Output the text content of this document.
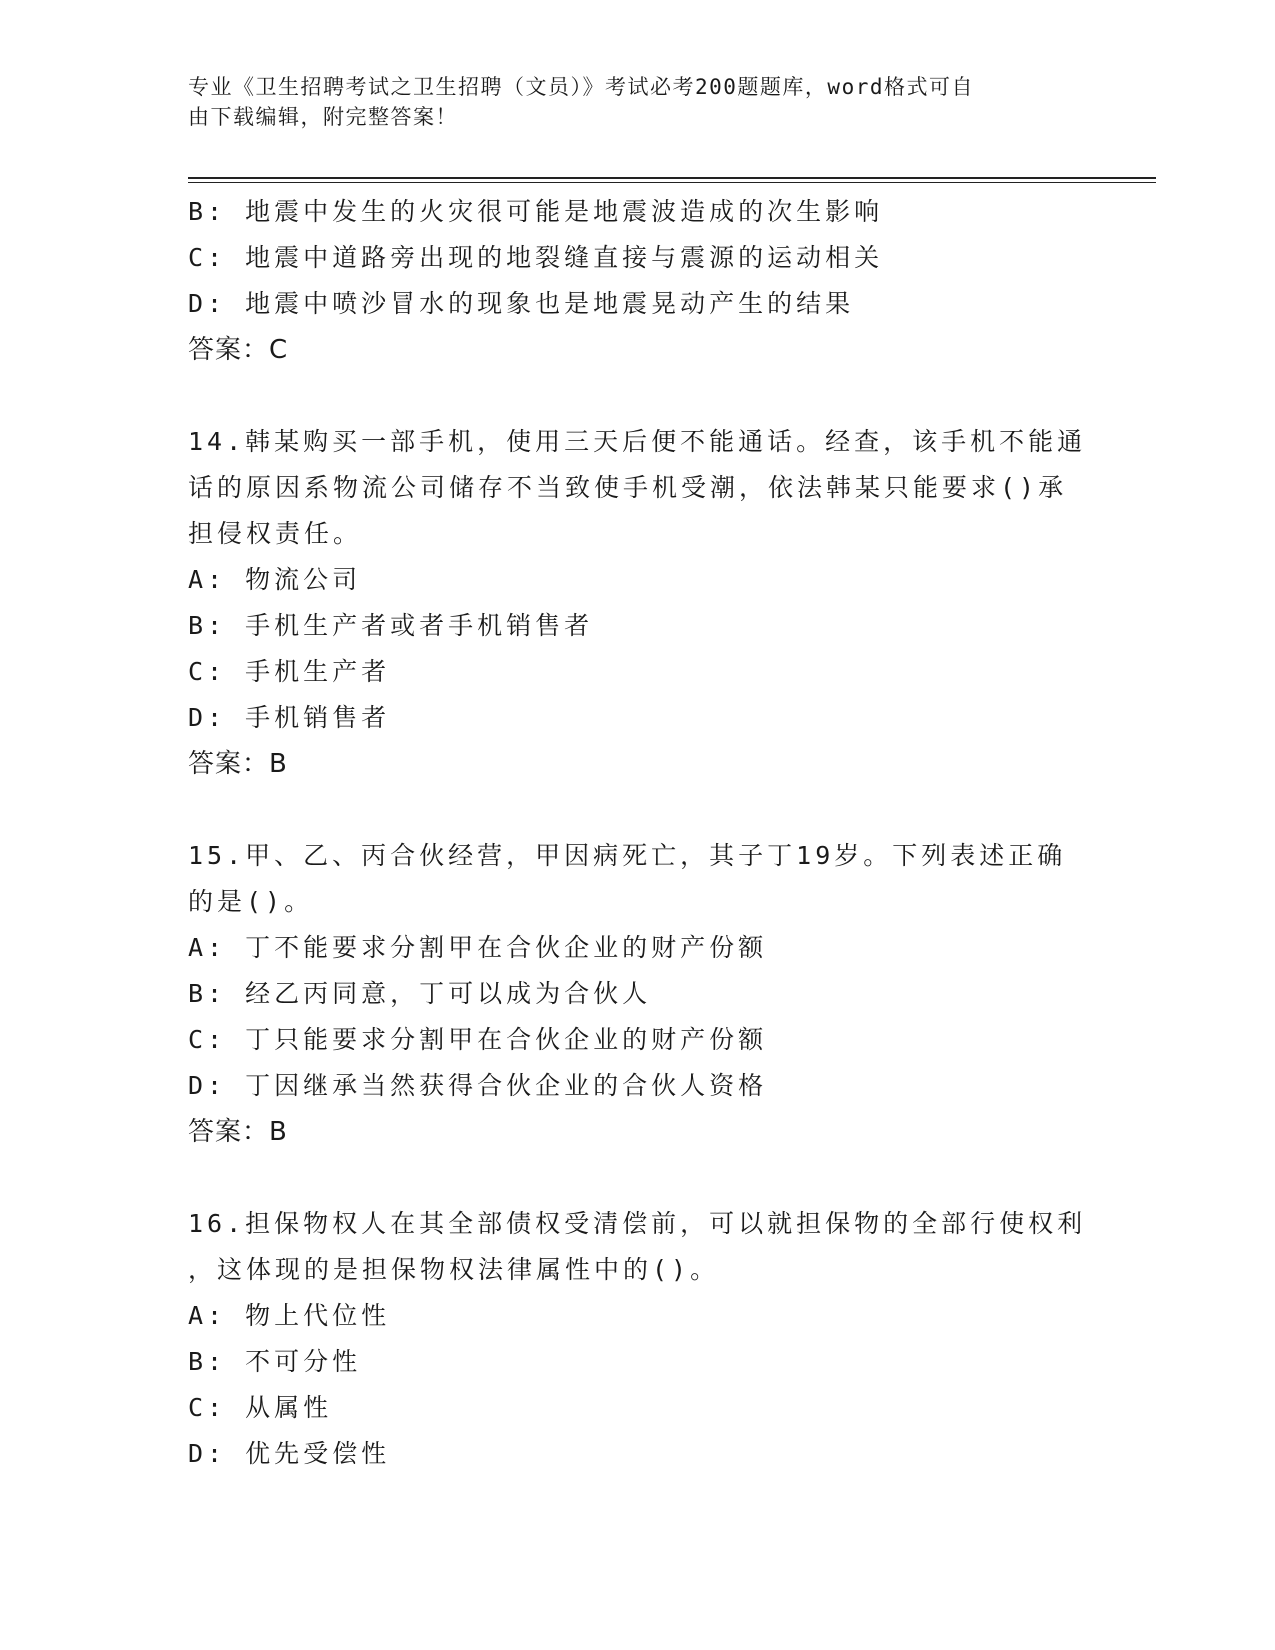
专业《卫生招聘考试之卫生招聘（文员）》考试必考200题题库，word格式可自
由下载编辑，附完整答案！
B: 地震中发生的火灾很可能是地震波造成的次生影响
C: 地震中道路旁出现的地裂缝直接与震源的运动相关
D: 地震中喷沙冒水的现象也是地震晃动产生的结果
答案：C
14.韩某购买一部手机，使用三天后便不能通话。经查，该手机不能通
话的原因系物流公司储存不当致使手机受潮，依法韩某只能要求()承
担侵权责任。
A: 物流公司
B: 手机生产者或者手机销售者
C: 手机生产者
D: 手机销售者
答案：B
15.甲、乙、丙合伙经营，甲因病死亡，其子丁19岁。下列表述正确
的是()。
A: 丁不能要求分割甲在合伙企业的财产份额
B: 经乙丙同意，丁可以成为合伙人
C: 丁只能要求分割甲在合伙企业的财产份额
D: 丁因继承当然获得合伙企业的合伙人资格
答案：B
16.担保物权人在其全部债权受清偿前，可以就担保物的全部行使权利
，这体现的是担保物权法律属性中的()。
A: 物上代位性
B: 不可分性
C: 从属性
D: 优先受偿性
